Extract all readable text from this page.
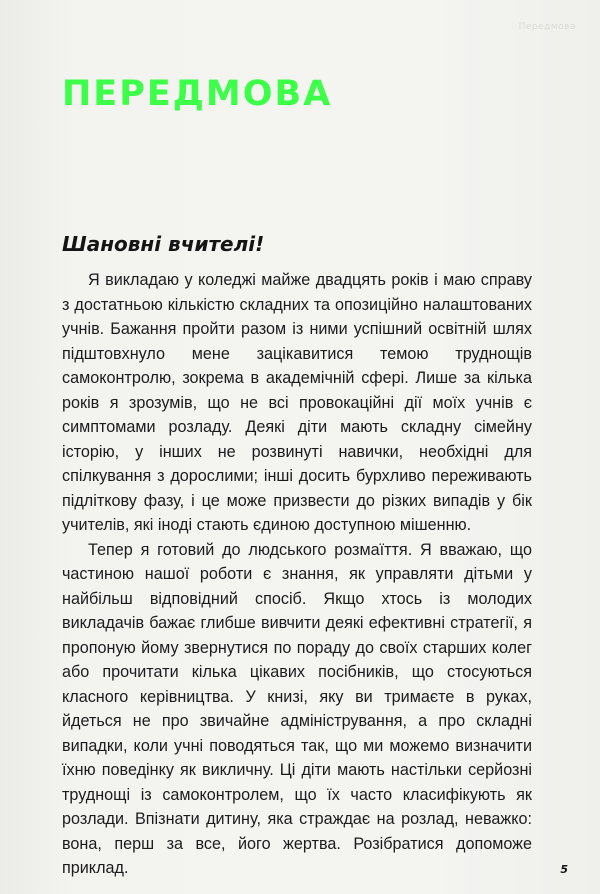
Передмова
ПЕРЕДМОВА
Шановні вчителі!

Я викладаю у коледжі майже двадцять років і маю справу з достатньою кількістю складних та опозиційно налаштованих учнів. Бажання пройти разом із ними успішний освітній шлях підштовхнуло мене зацікавитися темою труднощів самоконтролю, зокрема в академічній сфері. Лише за кілька років я зрозумів, що не всі провокаційні дії моїх учнів є симптомами розладу. Деякі діти мають складну сімейну історію, у інших не розвинуті навички, необхідні для спілкування з дорослими; інші досить бурхливо переживають підліткову фазу, і це може призвести до різких випадів у бік учителів, які іноді стають єдиною доступною мішенню.

Тепер я готовий до людського розмаїття. Я вважаю, що частиною нашої роботи є знання, як управляти дітьми у найбільш відповідний спосіб. Якщо хтось із молодих викладачів бажає глибше вивчити деякі ефективні стратегії, я пропоную йому звернутися по пораду до своїх старших колег або прочитати кілька цікавих посібників, що стосуються класного керівництва. У книзі, яку ви тримаєте в руках, йдеться не про звичайне адміністрування, а про складні випадки, коли учні поводяться так, що ми можемо визначити їхню поведінку як викличну. Ці діти мають настільки серйозні труднощі із самоконтролем, що їх часто класифікують як розлади. Впізнати дитину, яка страждає на розлад, неважко: вона, перш за все, його жертва. Розібратися допоможе приклад.	5
